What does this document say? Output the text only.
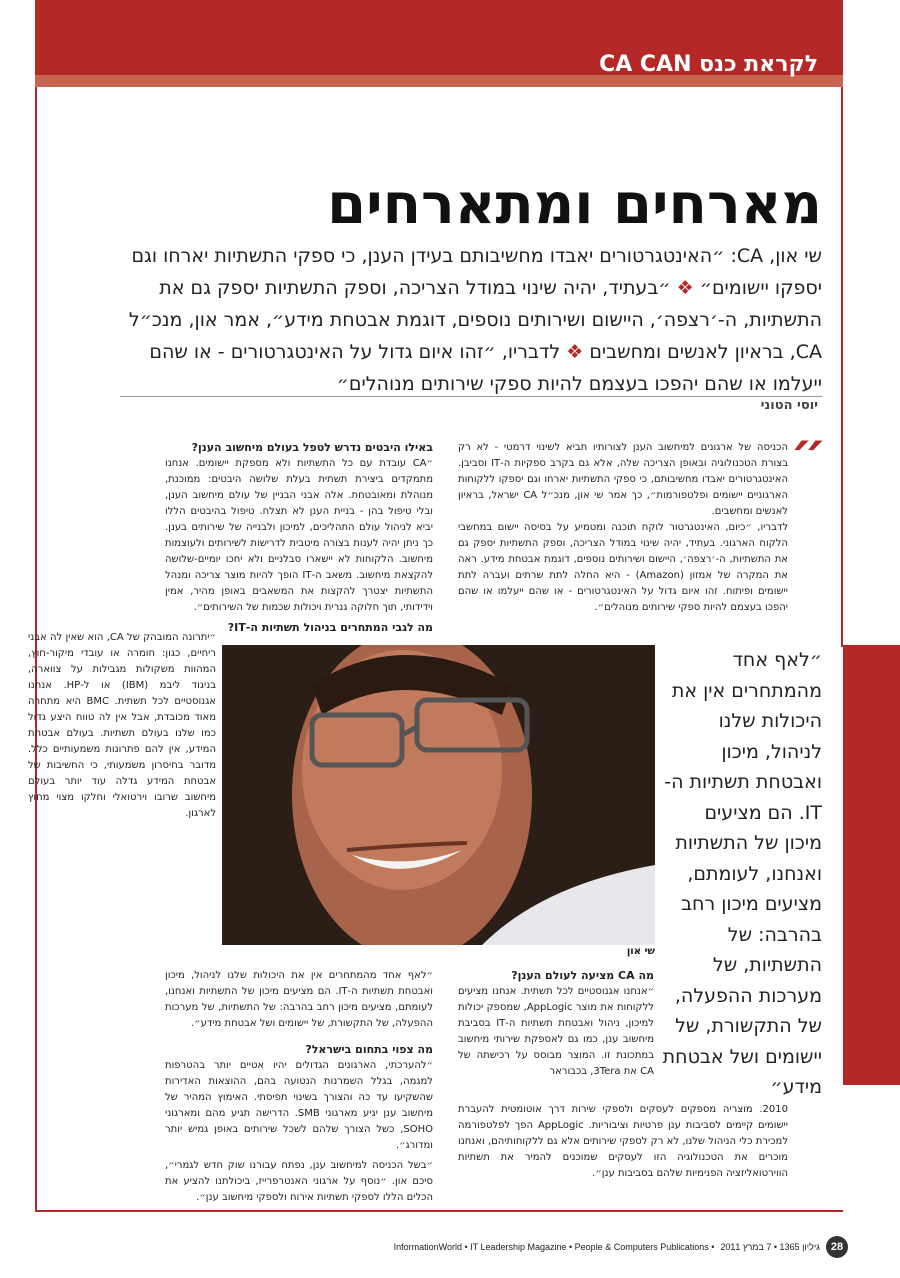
לקראת כנס CA CAN
מארחים ומתארחים
שי און, CA: ״האינטגרטורים יאבדו מחשיבותם בעידן הענן, כי ספקי התשתיות יארחו וגם יספקו יישומים״ ❖ ״בעתיד, יהיה שינוי במודל הצריכה, וספק התשתיות יספק גם את התשתיות, ה-׳רצפה׳, היישום ושירותים נוספים, דוגמת אבטחת מידע״, אמר און, מנכ״ל CA, בראיון לאנשים ומחשבים ❖ לדבריו, ״זהו איום גדול על האינטגרטורים - או שהם ייעלמו או שהם יהפכו בעצמם להיות ספקי שירותים מנוהלים״
יוסי הטוני
״

הכניסה של ארגונים למיחשוב הענן לצורותיו תביא לשינוי דרמטי - לא רק בצורת הטכנולוגיה ובאופן הצריכה שלה, אלא גם בקרב ספקיות ה-IT וסביבן. האינטגרטורים יאבדו מחשיבותם, כי ספקי התשתיות יארחו וגם יספקו ללקוחות הארגוניים יישומים ופלטפורמות״, כך אמר שי און, מנכ״ל CA ישראל, בראיון לאנשים ומחשבים.

לדבריו, ״כיום, האינטגרטור לוקח תוכנה ומטמיע על בסיסה יישום במחשבי הלקוח הארגוני. בעתיד, יהיה שינוי במודל הצריכה, וספק התשתיות יספק גם את התשתיות, ה-׳רצפה׳, היישום ושירותים נוספים, דוגמת אבטחת מידע. ראה את המקרה של אמזון (Amazon) - היא החלה לתת שרתים ועברה לתת יישומים ופיתוח. זהו איום גדול על האינטגרטורים - או שהם ייעלמו או שהם יהפכו בעצמם להיות ספקי שירותים מנוהלים״.

באילו היבטים נדרש לטפל בעולם מיחשוב הענן?

״CA עובדת עם כל התשתיות ולא מספקת יישומים. אנחנו מתמקדים ביצירת תשתית בעלת שלושה היבטים: ממוכנת, מנוהלת ומאובטחת. אלה אבני הבניין של עולם מיחשוב הענן, ובלי טיפול בהן - בניית הענן לא תצלח. טיפול בהיבטים הללו יביא לניהול עולם התהליכים, למיכון ולבנייה של שירותים בענן. כך ניתן יהיה לענות בצורה מיטבית לדרישות לשירותים ולעוצמות מיחשוב. הלקוחות לא יישארו סבלניים ולא יחכו יומיים-שלושה להקצאת מיחשוב. משאב ה-IT הופך להיות מוצר צריכה ומנהל התשתיות יצטרך להקצות את המשאבים באופן מהיר, אמין וידידותי, תוך חלוקה גנרית ויכולות שכמות של השירותים״.

מה לגבי המתחרים בניהול תשתיות ה-IT?

״יתרונה המובהק של CA, הוא שאין לה אבני ריחיים, כגון: חומרה או עובדי מיקור-חוץ, המהוות משקולות מגבילות על צווארה, בניגוד ליבמ (IBM) או ל-HP. אנחנו אגנוסטיים לכל תשתית. BMC היא מתחרה מאוד מכובדת, אבל אין לה טווח היצע גדול כמו שלנו בעולם תשתיות. בעולם אבטחת המידע, אין להם פתרונות משמעותיים כלל. מדובר בחיסרון משמעותי, כי החשיבות של אבטחת המידע גדלה עוד יותר בעולם מיחשוב שרובו וירטואלי וחלקו מצוי מחוץ לארגון.

שי און
״לאף אחד מהמתחרים אין את היכולות שלנו לניהול, מיכון ואבטחת תשתיות ה-IT. הם מציעים מיכון של התשתיות ואנחנו, לעומתם, מציעים מיכון רחב בהרבה: של התשתיות, של מערכות ההפעלה, של התקשורת, של יישומים ושל אבטחת מידע״

״לאף אחד מהמתחרים אין את היכולות שלנו לניהול, מיכון ואבטחת תשתיות ה-IT. הם מציעים מיכון של התשתיות ואנחנו, לעומתם, מציעים מיכון רחב בהרבה: של התשתיות, של מערכות ההפעלה, של התקשורת, של יישומים ושל אבטחת מידע״.

מה צפוי בתחום בישראל?

״להערכתי, הארגונים הגדולים יהיו אטיים יותר בהטרפות למגמה, בגלל השמרנות הנטועה בהם, ההוצאות האדירות שהשקיעו עד כה והצורך בשינוי תפיסתי. האימוץ המהיר של מיחשוב ענן יגיע מארגוני SMB. הדרישה תגיע מהם ומארגוני SOHO, כשל הצורך שלהם לשכל שירותים באופן גמיש יותר ומדורג״.

״בשל הכניסה למיחשוב ענן, נפתח עבורנו שוק חדש לגמרי״, סיכם און. ״נוסף על ארגוני האנטרפרייז, ביכולתנו להציע את הכלים הללו לספקי תשתיות אירוח ולספקי מיחשוב ענן״.

מה CA מציעה לעולם הענן?

״אנחנו אגנוסטיים לכל תשתית. אנחנו מציעים ללקוחות את מוצר AppLogic, שמספק יכולות למיכון, ניהול ואבטחת תשתיות ה-IT בסביבת מיחשוב ענן, כמו גם לאספקת שירותי מיחשוב במתכונת זו. המוצר מבוסס על רכישתה של CA את 3Tera, בכבוראר

2010. מוצריה מספקים לעסקים ולספקי שירות דרך אוטומטית להעברת יישומים קיימים לסביבות ענן פרטיות וציבוריות. AppLogic הפך לפלטפורמה למכירת כלי הניהול שלנו, לא רק לספקי שירותים אלא גם ללקוחותיהם, ואנחנו מוכרים את הטכנולוגיה הזו לעסקים שמוכנים להמיר את תשתיות הווירטואליזציה הפנימיות שלהם בסביבות ענן״.

InformationWorld • IT Leadership Magazine • People & Computers Publications • גיליון 1365 • 7 במרץ 2011 28
